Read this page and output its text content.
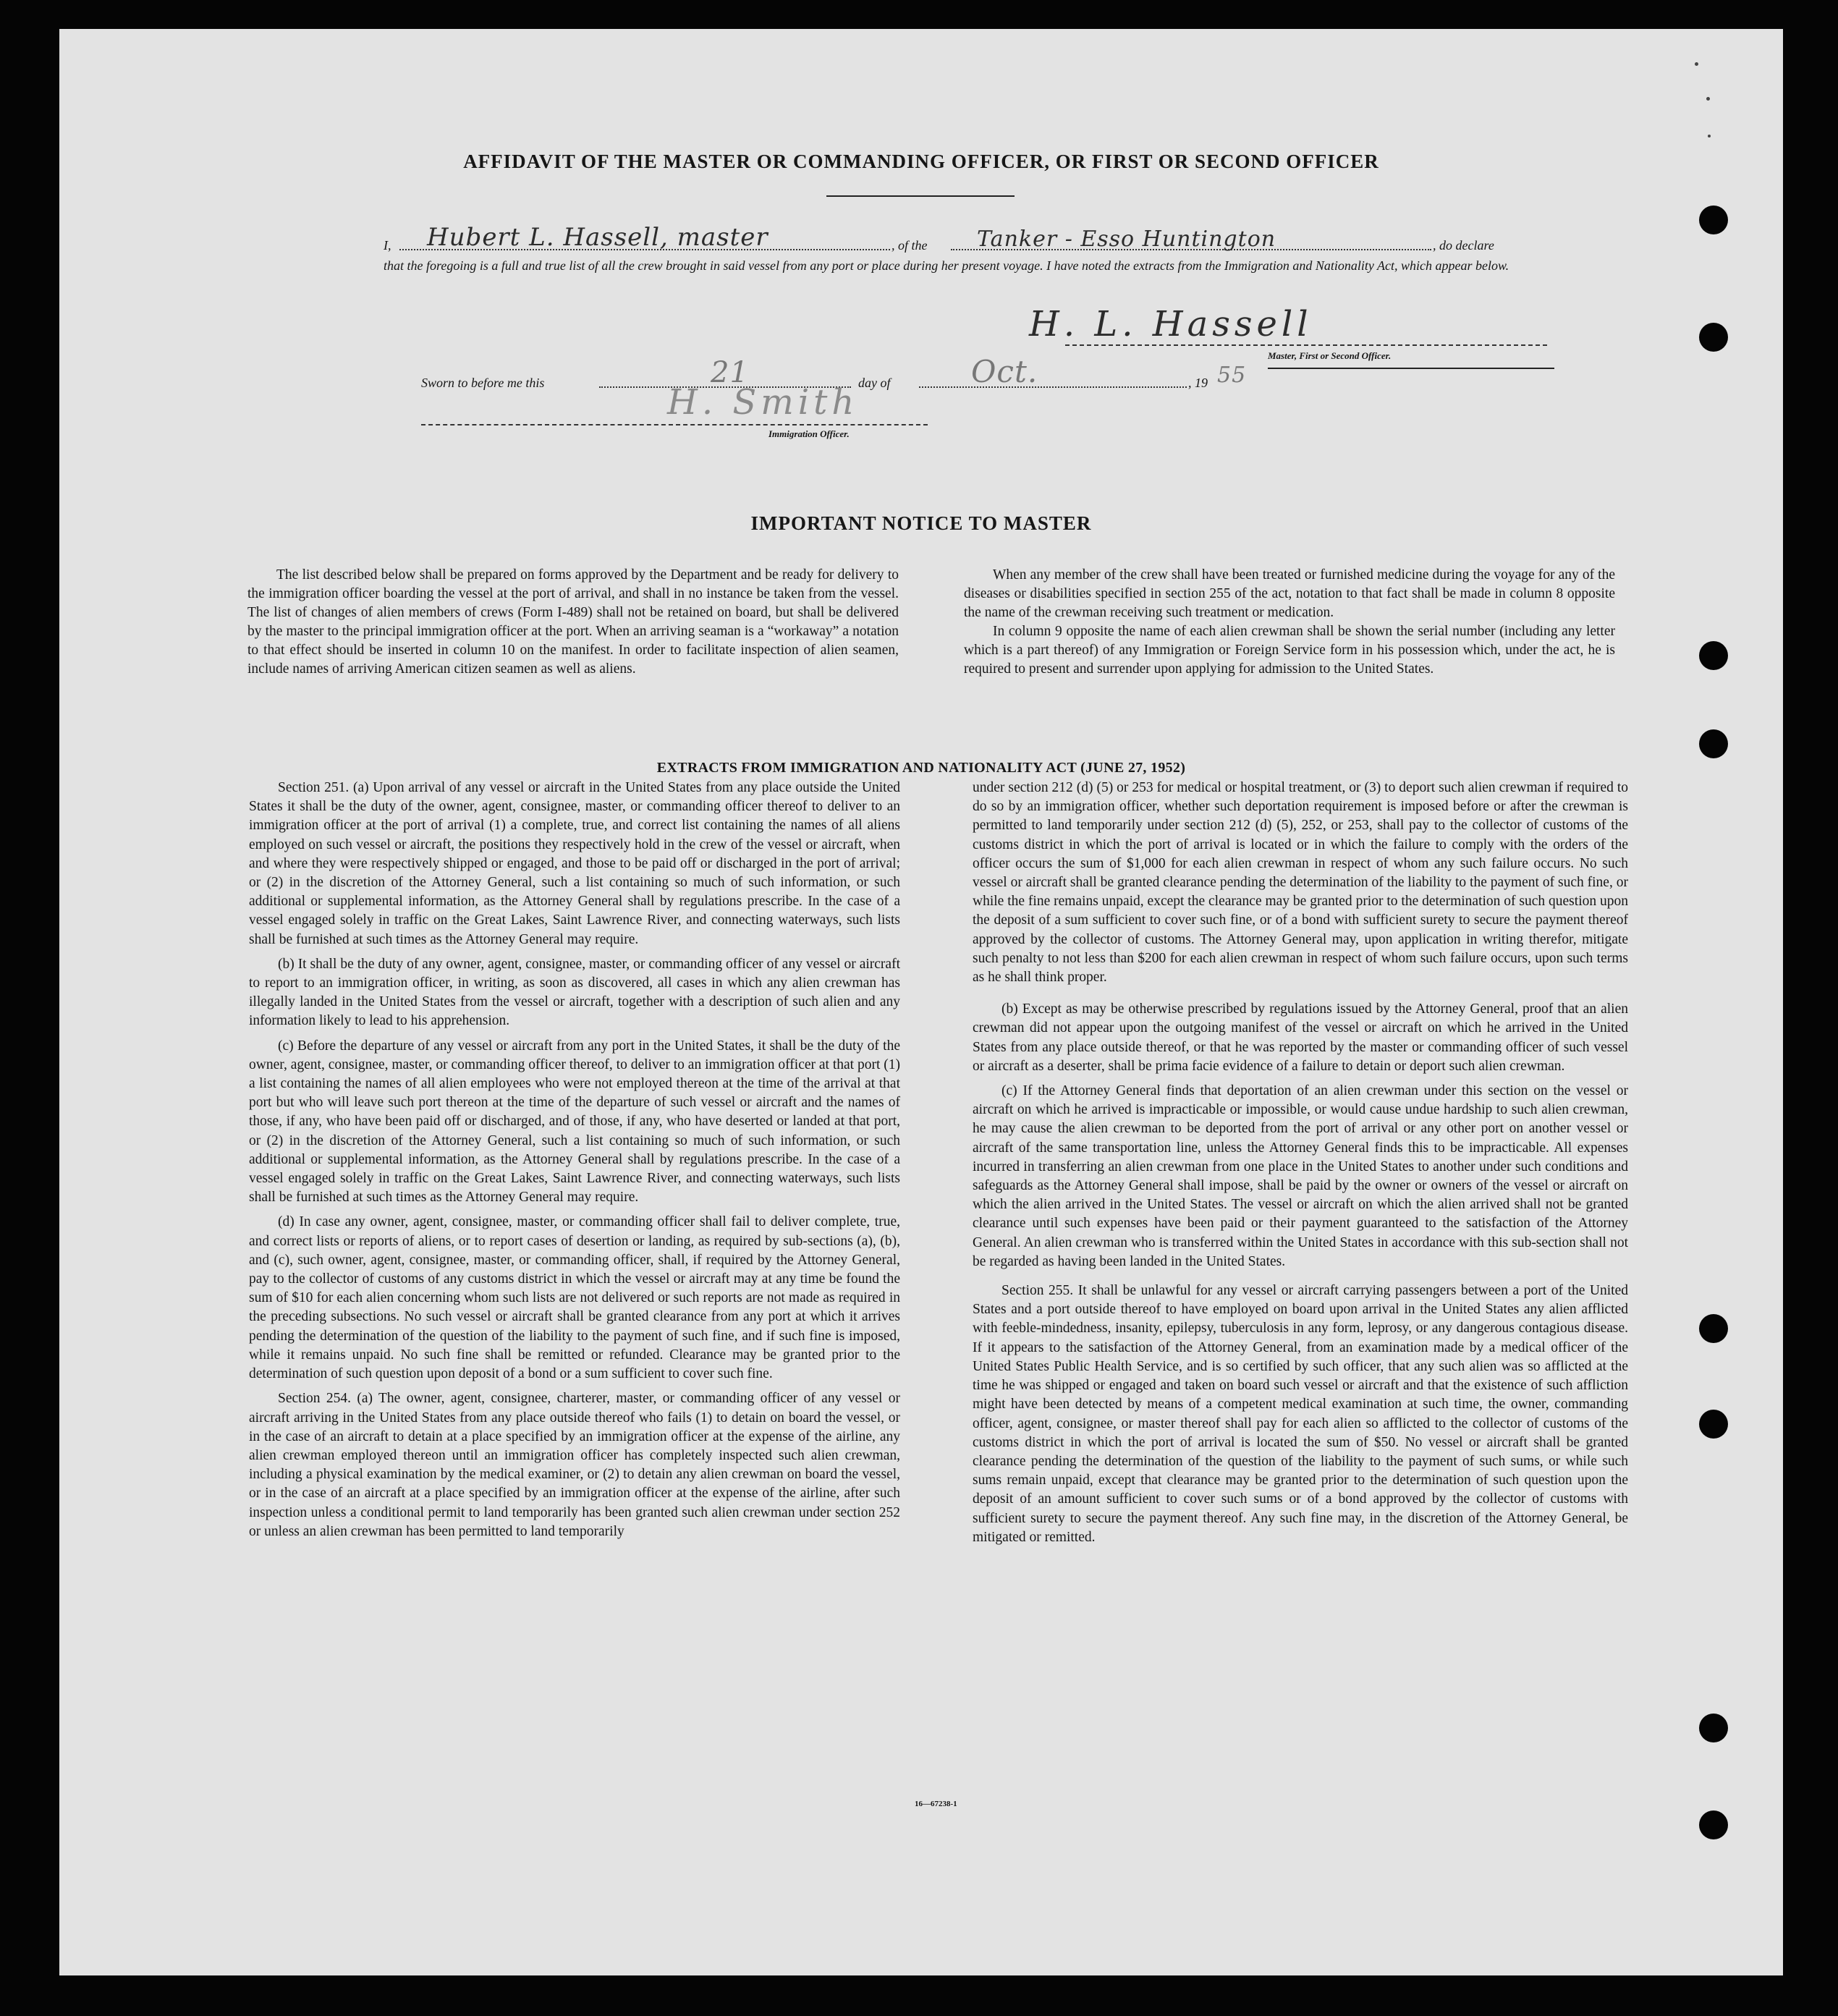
AFFIDAVIT OF THE MASTER OR COMMANDING OFFICER, OR FIRST OR SECOND OFFICER
I, Hubert L. Hassell, master	, of the Tanker - Esso Huntington	, do declare
that the foregoing is a full and true list of all the crew brought in said vessel from any port or place during her present voyage. I have noted the extracts from the Immigration and Nationality Act, which appear below.
H. L. Hassell
Master, First or Second Officer.
Sworn to before me this	21	day of	Oct.	, 19 55
H. Smith
Immigration Officer.
IMPORTANT NOTICE TO MASTER

The list described below shall be prepared on forms approved by the Department and be ready for delivery to the immigration officer boarding the vessel at the port of arrival, and shall in no instance be taken from the vessel. The list of changes of alien members of crews (Form I-489) shall not be retained on board, but shall be delivered by the master to the principal immigration officer at the port. When an arriving seaman is a “workaway” a notation to that effect should be inserted in column 10 on the manifest. In order to facilitate inspection of alien seamen, include names of arriving American citizen seamen as well as aliens.

When any member of the crew shall have been treated or furnished medicine during the voyage for any of the diseases or disabilities specified in section 255 of the act, notation to that fact shall be made in column 8 opposite the name of the crewman receiving such treatment or medication.

In column 9 opposite the name of each alien crewman shall be shown the serial number (including any letter which is a part thereof) of any Immigration or Foreign Service form in his possession which, under the act, he is required to present and surrender upon applying for admission to the United States.

EXTRACTS FROM IMMIGRATION AND NATIONALITY ACT (JUNE 27, 1952)

Section 251. (a) Upon arrival of any vessel or aircraft in the United States from any place outside the United States it shall be the duty of the owner, agent, consignee, master, or commanding officer thereof to deliver to an immigration officer at the port of arrival (1) a complete, true, and correct list containing the names of all aliens employed on such vessel or aircraft, the positions they respectively hold in the crew of the vessel or aircraft, when and where they were respectively shipped or engaged, and those to be paid off or discharged in the port of arrival; or (2) in the discretion of the Attorney General, such a list containing so much of such information, or such additional or supplemental information, as the Attorney General shall by regulations prescribe. In the case of a vessel engaged solely in traffic on the Great Lakes, Saint Lawrence River, and connecting waterways, such lists shall be furnished at such times as the Attorney General may require.

(b) It shall be the duty of any owner, agent, consignee, master, or commanding officer of any vessel or aircraft to report to an immigration officer, in writing, as soon as discovered, all cases in which any alien crewman has illegally landed in the United States from the vessel or aircraft, together with a description of such alien and any information likely to lead to his apprehension.

(c) Before the departure of any vessel or aircraft from any port in the United States, it shall be the duty of the owner, agent, consignee, master, or commanding officer thereof, to deliver to an immigration officer at that port (1) a list containing the names of all alien employees who were not employed thereon at the time of the arrival at that port but who will leave such port thereon at the time of the departure of such vessel or aircraft and the names of those, if any, who have been paid off or discharged, and of those, if any, who have deserted or landed at that port, or (2) in the discretion of the Attorney General, such a list containing so much of such information, or such additional or supplemental information, as the Attorney General shall by regulations prescribe. In the case of a vessel engaged solely in traffic on the Great Lakes, Saint Lawrence River, and connecting waterways, such lists shall be furnished at such times as the Attorney General may require.

(d) In case any owner, agent, consignee, master, or commanding officer shall fail to deliver complete, true, and correct lists or reports of aliens, or to report cases of desertion or landing, as required by sub-sections (a), (b), and (c), such owner, agent, consignee, master, or commanding officer, shall, if required by the Attorney General, pay to the collector of customs of any customs district in which the vessel or aircraft may at any time be found the sum of $10 for each alien concerning whom such lists are not delivered or such reports are not made as required in the preceding subsections. No such vessel or aircraft shall be granted clearance from any port at which it arrives pending the determination of the question of the liability to the payment of such fine, and if such fine is imposed, while it remains unpaid. No such fine shall be remitted or refunded. Clearance may be granted prior to the determination of such question upon deposit of a bond or a sum sufficient to cover such fine.

Section 254. (a) The owner, agent, consignee, charterer, master, or commanding officer of any vessel or aircraft arriving in the United States from any place outside thereof who fails (1) to detain on board the vessel, or in the case of an aircraft to detain at a place specified by an immigration officer at the expense of the airline, any alien crewman employed thereon until an immigration officer has completely inspected such alien crewman, including a physical examination by the medical examiner, or (2) to detain any alien crewman on board the vessel, or in the case of an aircraft at a place specified by an immigration officer at the expense of the airline, after such inspection unless a conditional permit to land temporarily has been granted such alien crewman under section 252 or unless an alien crewman has been permitted to land temporarily

under section 212 (d) (5) or 253 for medical or hospital treatment, or (3) to deport such alien crewman if required to do so by an immigration officer, whether such deportation requirement is imposed before or after the crewman is permitted to land temporarily under section 212 (d) (5), 252, or 253, shall pay to the collector of customs of the customs district in which the port of arrival is located or in which the failure to comply with the orders of the officer occurs the sum of $1,000 for each alien crewman in respect of whom any such failure occurs. No such vessel or aircraft shall be granted clearance pending the determination of the liability to the payment of such fine, or while the fine remains unpaid, except the clearance may be granted prior to the determination of such question upon the deposit of a sum sufficient to cover such fine, or of a bond with sufficient surety to secure the payment thereof approved by the collector of customs. The Attorney General may, upon application in writing therefor, mitigate such penalty to not less than $200 for each alien crewman in respect of whom such failure occurs, upon such terms as he shall think proper.

(b) Except as may be otherwise prescribed by regulations issued by the Attorney General, proof that an alien crewman did not appear upon the outgoing manifest of the vessel or aircraft on which he arrived in the United States from any place outside thereof, or that he was reported by the master or commanding officer of such vessel or aircraft as a deserter, shall be prima facie evidence of a failure to detain or deport such alien crewman.

(c) If the Attorney General finds that deportation of an alien crewman under this section on the vessel or aircraft on which he arrived is impracticable or impossible, or would cause undue hardship to such alien crewman, he may cause the alien crewman to be deported from the port of arrival or any other port on another vessel or aircraft of the same transportation line, unless the Attorney General finds this to be impracticable. All expenses incurred in transferring an alien crewman from one place in the United States to another under such conditions and safeguards as the Attorney General shall impose, shall be paid by the owner or owners of the vessel or aircraft on which the alien arrived in the United States. The vessel or aircraft on which the alien arrived shall not be granted clearance until such expenses have been paid or their payment guaranteed to the satisfaction of the Attorney General. An alien crewman who is transferred within the United States in accordance with this sub-section shall not be regarded as having been landed in the United States.

Section 255. It shall be unlawful for any vessel or aircraft carrying passengers between a port of the United States and a port outside thereof to have employed on board upon arrival in the United States any alien afflicted with feeble-mindedness, insanity, epilepsy, tuberculosis in any form, leprosy, or any dangerous contagious disease. If it appears to the satisfaction of the Attorney General, from an examination made by a medical officer of the United States Public Health Service, and is so certified by such officer, that any such alien was so afflicted at the time he was shipped or engaged and taken on board such vessel or aircraft and that the existence of such affliction might have been detected by means of a competent medical examination at such time, the owner, commanding officer, agent, consignee, or master thereof shall pay for each alien so afflicted to the collector of customs of the customs district in which the port of arrival is located the sum of $50. No vessel or aircraft shall be granted clearance pending the determination of the question of the liability to the payment of such sums, or while such sums remain unpaid, except that clearance may be granted prior to the determination of such question upon the deposit of an amount sufficient to cover such sums or of a bond approved by the collector of customs with sufficient surety to secure the payment thereof. Any such fine may, in the discretion of the Attorney General, be mitigated or remitted.

16—67238-1
